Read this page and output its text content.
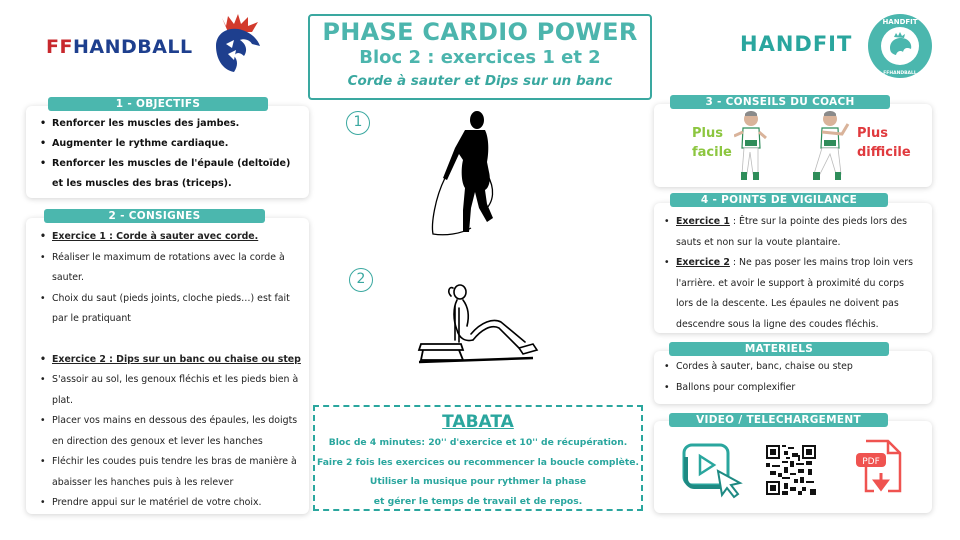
FFHANDBALL	HANDFIT
HANDFIT
FFHANDBALL
PHASE CARDIO POWER
Bloc 2 : exercices 1 et 2
Corde à sauter et Dips sur un banc
• Renforcer les muscles des jambes.
• Augmenter le rythme cardiaque.
• Renforcer les muscles de l'épaule (deltoïde) et les muscles des bras (triceps).
1 - OBJECTIFS
• Exercice 1 : Corde à sauter avec corde.
• Réaliser le maximum de rotations avec la corde à sauter.
• Choix du saut (pieds joints, cloche pieds…) est fait par le pratiquant
• Exercice 2 : Dips sur un banc ou chaise ou step
• S'assoir au sol, les genoux fléchis et les pieds bien à plat.
• Placer vos mains en dessous des épaules, les doigts en direction des genoux et lever les hanches
• Fléchir les coudes puis tendre les bras de manière à abaisser les hanches puis à les relever
• Prendre appui sur le matériel de votre choix.
2 - CONSIGNES
1
2
TABATA
Bloc de 4 minutes: 20'' d'exercice et 10'' de récupération.
Faire 2 fois les exercices ou recommencer la boucle complète.
Utiliser la musique pour rythmer la phase
et gérer le temps de travail et de repos.
Plus
facile
Plus
difficile
3 - CONSEILS DU COACH
• Exercice 1 : Être sur la pointe des pieds lors des sauts et non sur la voute plantaire.
• Exercice 2 : Ne pas poser les mains trop loin vers l'arrière. et avoir le support à proximité du corps lors de la descente. Les épaules ne doivent pas descendre sous la ligne des coudes fléchis.
4 - POINTS DE VIGILANCE
• Cordes à sauter, banc, chaise ou step
• Ballons pour complexifier
MATERIELS
PDF
VIDEO / TELECHARGEMENT
